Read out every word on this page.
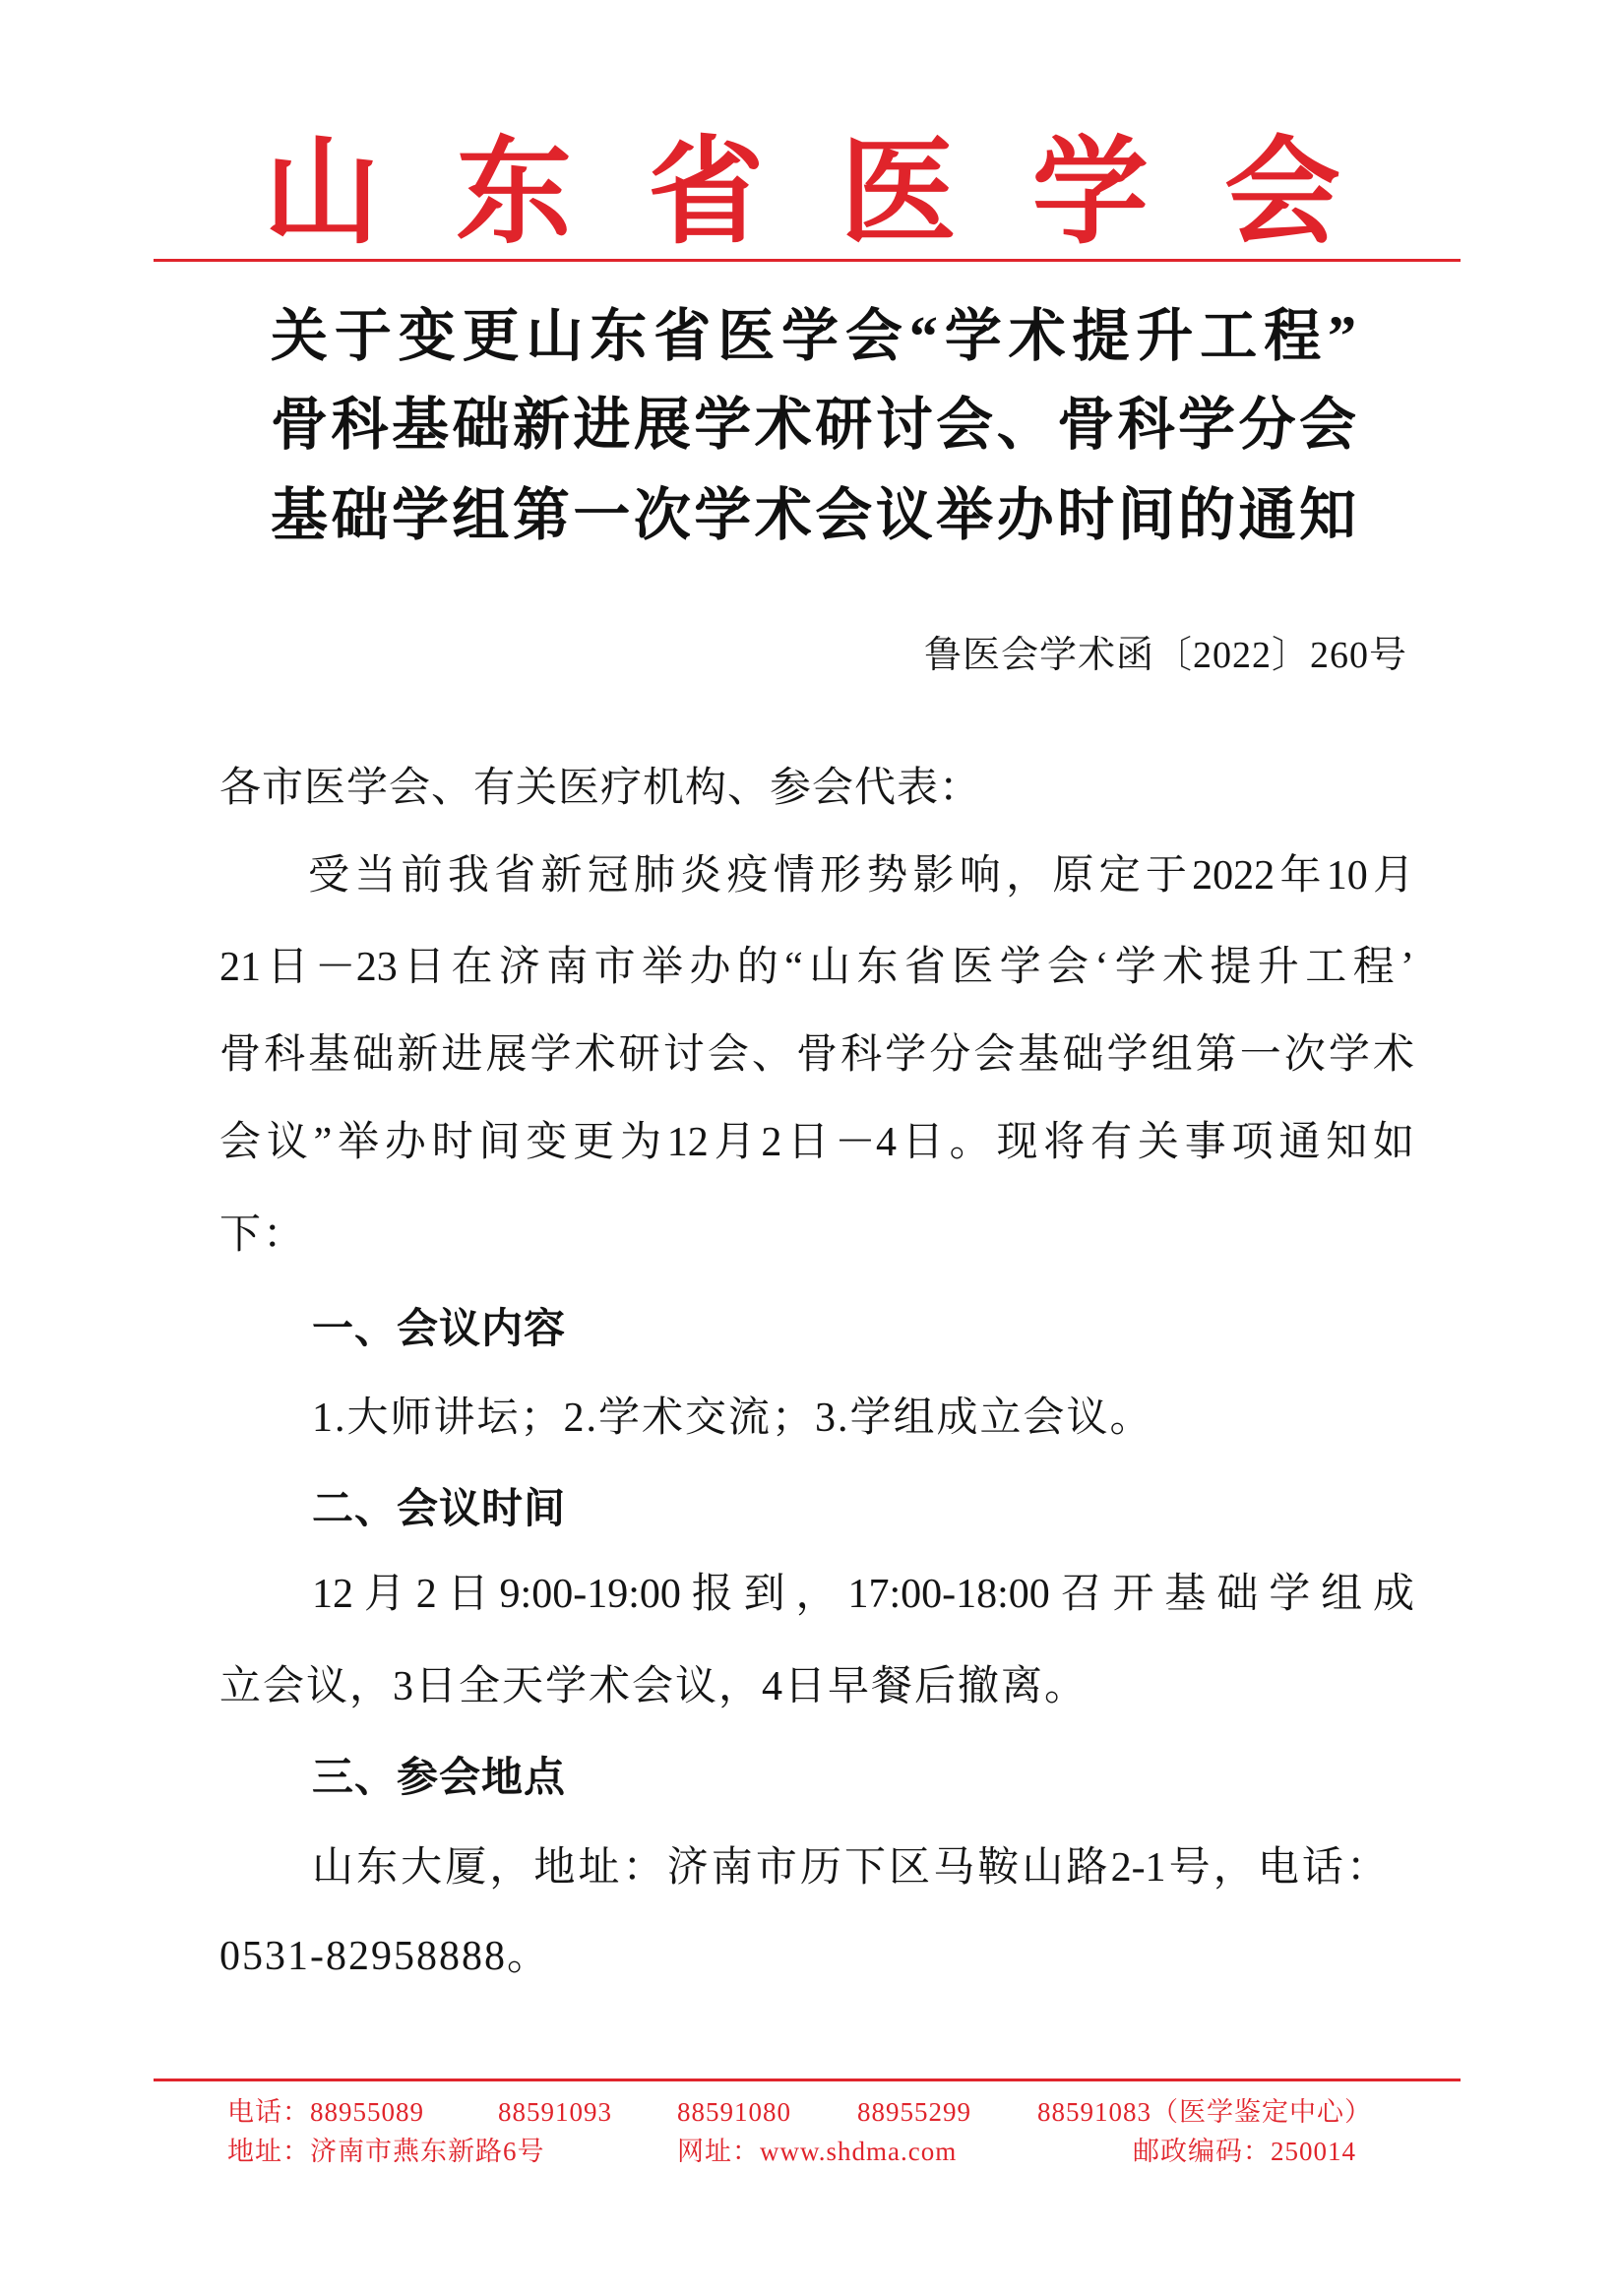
山东省医学会
关于变更山东省医学会“学术提升工程”
骨科基础新进展学术研讨会、骨科学分会
基础学组第一次学术会议举办时间的通知
鲁医会学术函〔2022〕260号
各市医学会、有关医疗机构、参会代表：
受当前我省新冠肺炎疫情形势影响，原定于2022年10月
21日－23日在济南市举办的“山东省医学会‘学术提升工程’
骨科基础新进展学术研讨会、骨科学分会基础学组第一次学术
会议”举办时间变更为12月2日－4日。现将有关事项通知如
下：
一、会议内容
1.大师讲坛；2.学术交流；3.学组成立会议。
二、会议时间
12月2日9:00-19:00报到，17:00-18:00召开基础学组成
立会议，3日全天学术会议，4日早餐后撤离。
三、参会地点
山东大厦，地址：济南市历下区马鞍山路2-1号，电话：
0531-82958888。
电话：88955089	88591093 88591080 88955299 88591083（医学鉴定中心）
地址：济南市燕东新路6号	网址：www.shdma.com	邮政编码：250014
